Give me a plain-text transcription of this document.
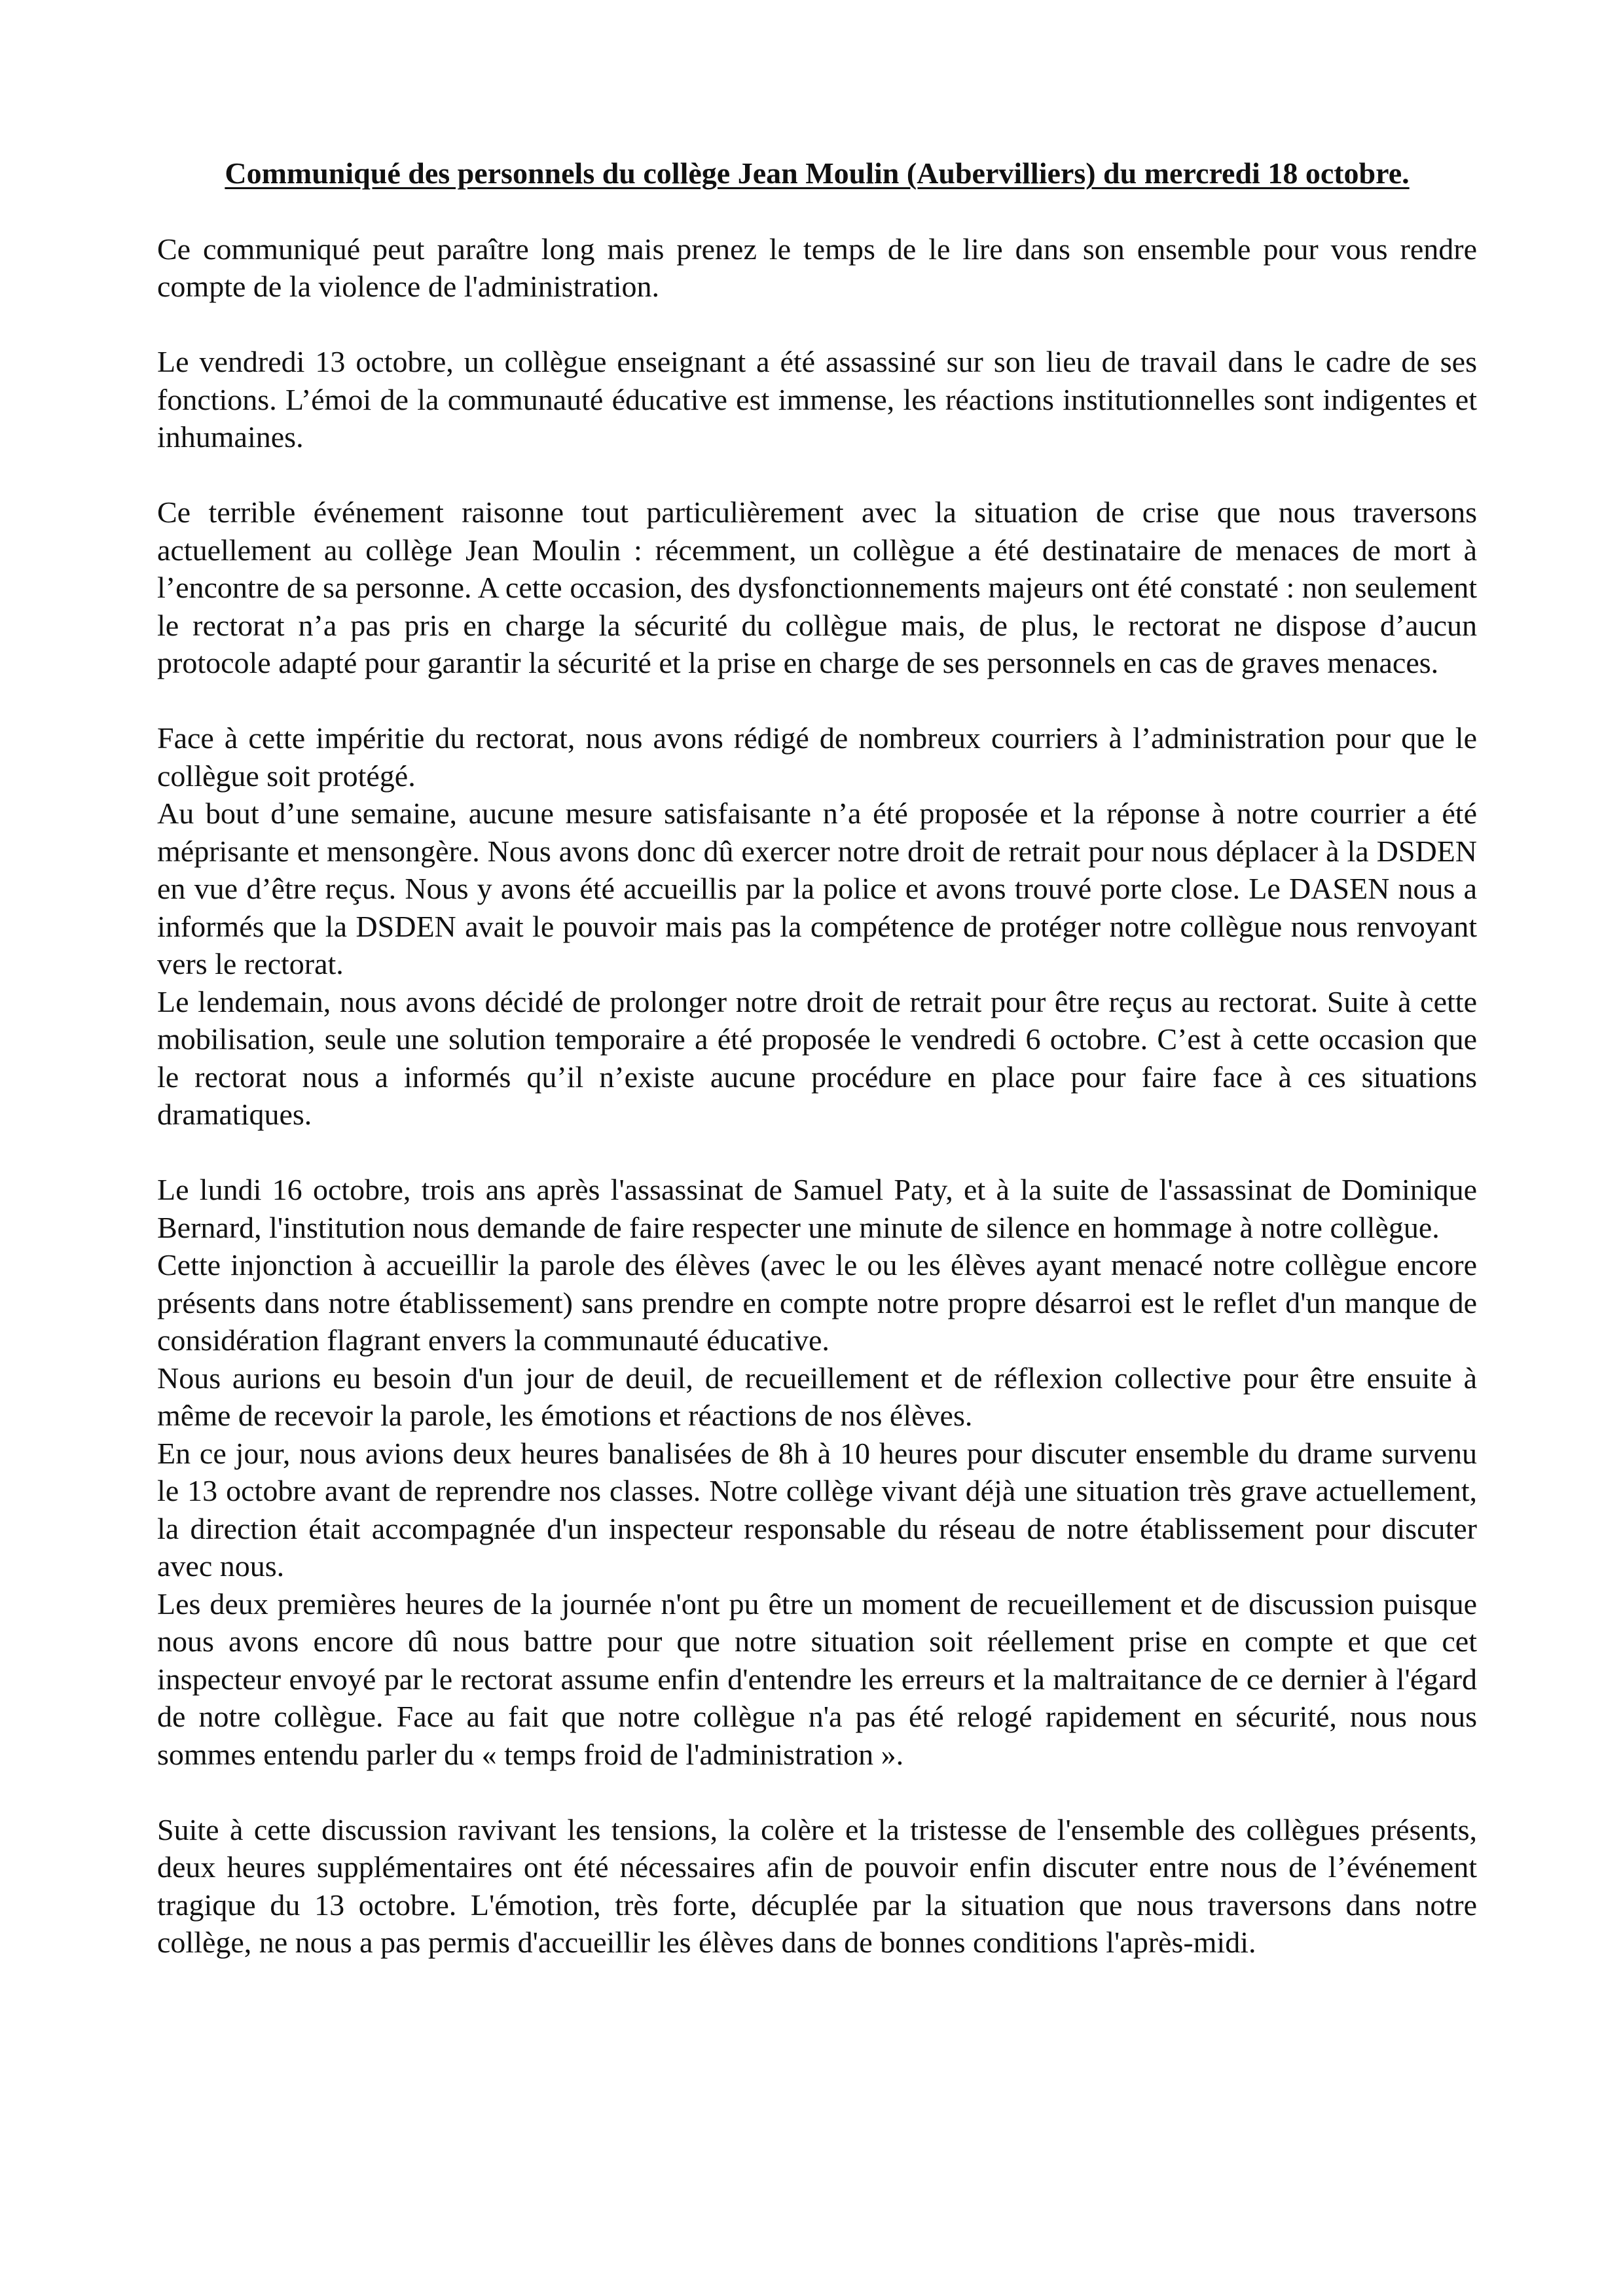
Communiqué des personnels du collège Jean Moulin (Aubervilliers) du mercredi 18 octobre.

Ce communiqué peut paraître long mais prenez le temps de le lire dans son ensemble pour vous rendre compte de la violence de l'administration.

Le vendredi 13 octobre, un collègue enseignant a été assassiné sur son lieu de travail dans le cadre de ses fonctions. L’émoi de la communauté éducative est immense, les réactions institutionnelles sont indigentes et inhumaines.

Ce terrible événement raisonne tout particulièrement avec la situation de crise que nous traversons actuellement au collège Jean Moulin : récemment, un collègue a été destinataire de menaces de mort à l’encontre de sa personne. A cette occasion, des dysfonctionnements majeurs ont été constaté : non seulement le rectorat n’a pas pris en charge la sécurité du collègue mais, de plus, le rectorat ne dispose d’aucun protocole adapté pour garantir la sécurité et la prise en charge de ses personnels en cas de graves menaces.

Face à cette impéritie du rectorat, nous avons rédigé de nombreux courriers à l’administration pour que le collègue soit protégé.

Au bout d’une semaine, aucune mesure satisfaisante n’a été proposée et la réponse à notre courrier a été méprisante et mensongère. Nous avons donc dû exercer notre droit de retrait pour nous déplacer à la DSDEN en vue d’être reçus. Nous y avons été accueillis par la police et avons trouvé porte close. Le DASEN nous a informés que la DSDEN avait le pouvoir mais pas la compétence de protéger notre collègue nous renvoyant vers le rectorat.

Le lendemain, nous avons décidé de prolonger notre droit de retrait pour être reçus au rectorat. Suite à cette mobilisation, seule une solution temporaire a été proposée le vendredi 6 octobre. C’est à cette occasion que le rectorat nous a informés qu’il n’existe aucune procédure en place pour faire face à ces situations dramatiques.

Le lundi 16 octobre, trois ans après l'assassinat de Samuel Paty, et à la suite de l'assassinat de Dominique Bernard, l'institution nous demande de faire respecter une minute de silence en hommage à notre collègue.

Cette injonction à accueillir la parole des élèves (avec le ou les élèves ayant menacé notre collègue encore présents dans notre établissement) sans prendre en compte notre propre désarroi est le reflet d'un manque de considération flagrant envers la communauté éducative.

Nous aurions eu besoin d'un jour de deuil, de recueillement et de réflexion collective pour être ensuite à même de recevoir la parole, les émotions et réactions de nos élèves.

En ce jour, nous avions deux heures banalisées de 8h à 10 heures pour discuter ensemble du drame survenu le 13 octobre avant de reprendre nos classes. Notre collège vivant déjà une situation très grave actuellement, la direction était accompagnée d'un inspecteur responsable du réseau de notre établissement pour discuter avec nous.

Les deux premières heures de la journée n'ont pu être un moment de recueillement et de discussion puisque nous avons encore dû nous battre pour que notre situation soit réellement prise en compte et que cet inspecteur envoyé par le rectorat assume enfin d'entendre les erreurs et la maltraitance de ce dernier à l'égard de notre collègue. Face au fait que notre collègue n'a pas été relogé rapidement en sécurité, nous nous sommes entendu parler du « temps froid de l'administration ».

Suite à cette discussion ravivant les tensions, la colère et la tristesse de l'ensemble des collègues présents, deux heures supplémentaires ont été nécessaires afin de pouvoir enfin discuter entre nous de l’événement tragique du 13 octobre. L'émotion, très forte, décuplée par la situation que nous traversons dans notre collège, ne nous a pas permis d'accueillir les élèves dans de bonnes conditions l'après-midi.
